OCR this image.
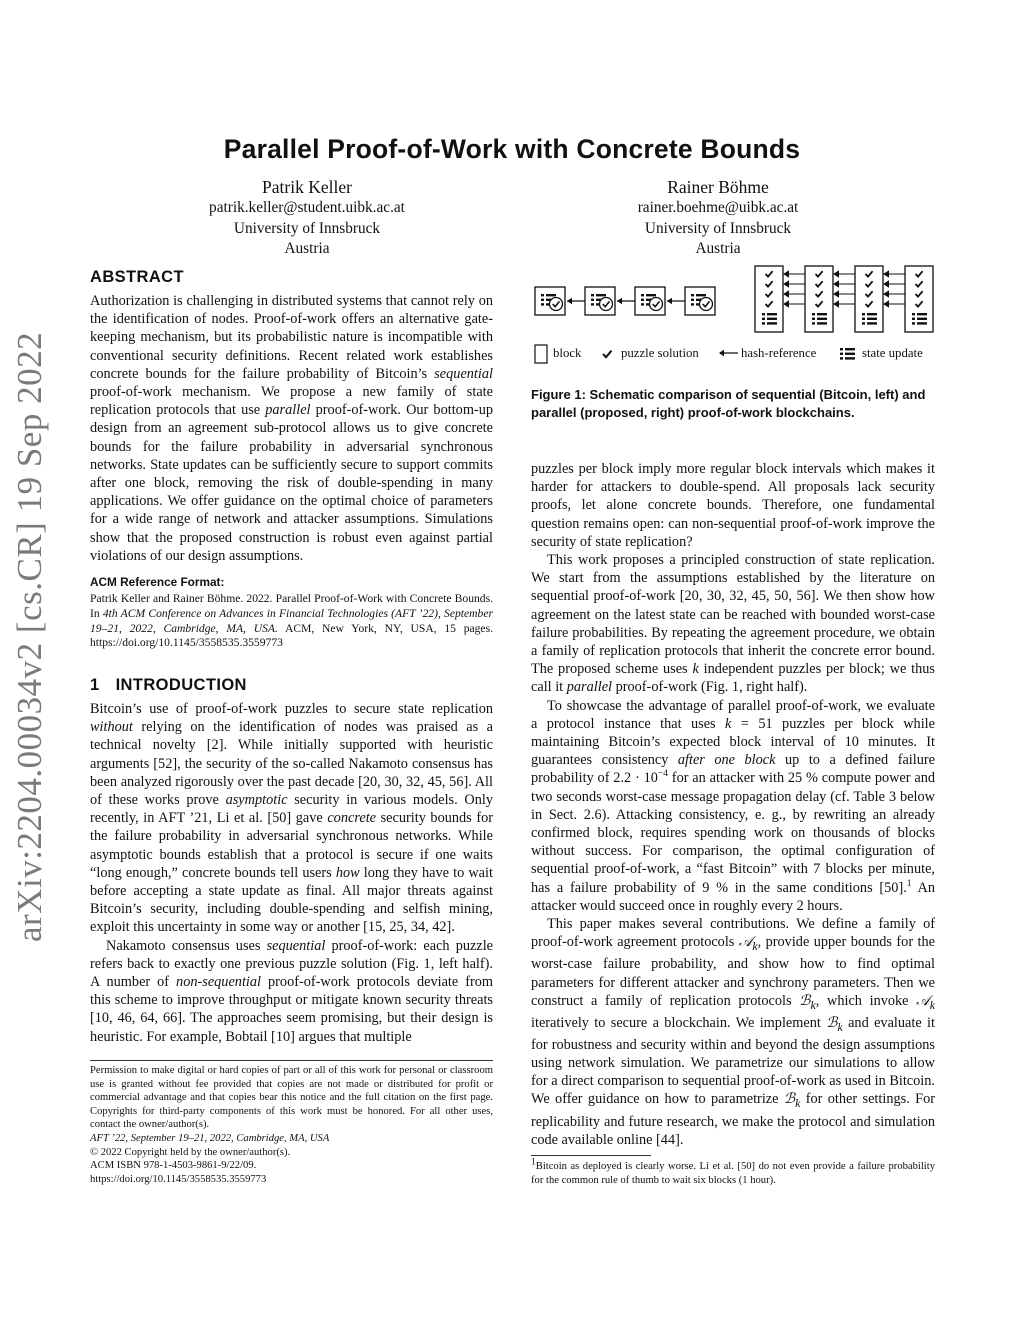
arXiv:2204.00034v2 [cs.CR] 19 Sep 2022
Parallel Proof-of-Work with Concrete Bounds
Patrik Keller
patrik.keller@student.uibk.ac.at
University of Innsbruck
Austria
Rainer Böhme
rainer.boehme@uibk.ac.at
University of Innsbruck
Austria
ABSTRACT

Authorization is challenging in distributed systems that cannot rely on the identification of nodes. Proof-of-work offers an alternative gate-keeping mechanism, but its probabilistic nature is incompatible with conventional security definitions. Recent related work establishes concrete bounds for the failure probability of Bitcoin’s sequential proof-of-work mechanism. We propose a new family of state replication protocols that use parallel proof-of-work. Our bottom-up design from an agreement sub-protocol allows us to give concrete bounds for the failure probability in adversarial synchronous networks. State updates can be sufficiently secure to support commits after one block, removing the risk of double-spending in many applications. We offer guidance on the optimal choice of parameters for a wide range of network and attacker assumptions. Simulations show that the proposed construction is robust even against partial violations of our design assumptions.

ACM Reference Format:
Patrik Keller and Rainer Böhme. 2022. Parallel Proof-of-Work with Concrete Bounds. In 4th ACM Conference on Advances in Financial Technologies (AFT ’22), September 19–21, 2022, Cambridge, MA, USA. ACM, New York, NY, USA, 15 pages. https://doi.org/10.1145/3558535.3559773
1 INTRODUCTION

Bitcoin’s use of proof-of-work puzzles to secure state replication without relying on the identification of nodes was praised as a technical novelty [2]. While initially supported with heuristic arguments [52], the security of the so-called Nakamoto consensus has been analyzed rigorously over the past decade [20, 30, 32, 45, 56]. All of these works prove asymptotic security in various models. Only recently, in AFT ’21, Li et al. [50] gave concrete security bounds for the failure probability in adversarial synchronous networks. While asymptotic bounds establish that a protocol is secure if one waits “long enough,” concrete bounds tell users how long they have to wait before accepting a state update as final. All major threats against Bitcoin’s security, including double-spending and selfish mining, exploit this uncertainty in some way or another [15, 25, 34, 42].

Nakamoto consensus uses sequential proof-of-work: each puzzle refers back to exactly one previous puzzle solution (Fig. 1, left half). A number of non-sequential proof-of-work protocols deviate from this scheme to improve throughput or mitigate known security threats [10, 46, 64, 66]. The approaches seem promising, but their design is heuristic. For example, Bobtail [10] argues that multiple

Permission to make digital or hard copies of part or all of this work for personal or classroom use is granted without fee provided that copies are not made or distributed for profit or commercial advantage and that copies bear this notice and the full citation on the first page. Copyrights for third-party components of this work must be honored. For all other uses, contact the owner/author(s).
AFT ’22, September 19–21, 2022, Cambridge, MA, USA
© 2022 Copyright held by the owner/author(s).
ACM ISBN 978-1-4503-9861-9/22/09.
https://doi.org/10.1145/3558535.3559773
block	puzzle solution	hash-reference	state update
Figure 1: Schematic comparison of sequential (Bitcoin, left) and parallel (proposed, right) proof-of-work blockchains.

puzzles per block imply more regular block intervals which makes it harder for attackers to double-spend. All proposals lack security proofs, let alone concrete bounds. Therefore, one fundamental question remains open: can non-sequential proof-of-work improve the security of state replication?

This work proposes a principled construction of state replication. We start from the assumptions established by the literature on sequential proof-of-work [20, 30, 32, 45, 50, 56]. We then show how agreement on the latest state can be reached with bounded worst-case failure probabilities. By repeating the agreement procedure, we obtain a family of replication protocols that inherit the concrete error bound. The proposed scheme uses k independent puzzles per block; we thus call it parallel proof-of-work (Fig. 1, right half).

To showcase the advantage of parallel proof-of-work, we evaluate a protocol instance that uses k = 51 puzzles per block while maintaining Bitcoin’s expected block interval of 10 minutes. It guarantees consistency after one block up to a defined failure probability of $2.2 \cdot 10^{-4}$ for an attacker with 25 % compute power and two seconds worst-case message propagation delay (cf. Table 3 below in Sect. 2.6). Attacking consistency, e. g., by rewriting an already confirmed block, requires spending work on thousands of blocks without success. For comparison, the optimal configuration of sequential proof-of-work, a “fast Bitcoin” with 7 blocks per minute, has a failure probability of 9 % in the same conditions [50].$^1$ An attacker would succeed once in roughly every 2 hours.

This paper makes several contributions. We define a family of proof-of-work agreement protocols 𝒜$_k$, provide upper bounds for the worst-case failure probability, and show how to find optimal parameters for different attacker and synchrony parameters. Then we construct a family of replication protocols ℬ$_k$, which invoke 𝒜$_k$ iteratively to secure a blockchain. We implement ℬ$_k$ and evaluate it for robustness and security within and beyond the design assumptions using network simulation. We parametrize our simulations to allow for a direct comparison to sequential proof-of-work as used in Bitcoin. We offer guidance on how to parametrize ℬ$_k$ for other settings. For replicability and future research, we make the protocol and simulation code available online [44].

$^1$Bitcoin as deployed is clearly worse. Li et al. [50] do not even provide a failure probability for the common rule of thumb to wait six blocks (1 hour).
